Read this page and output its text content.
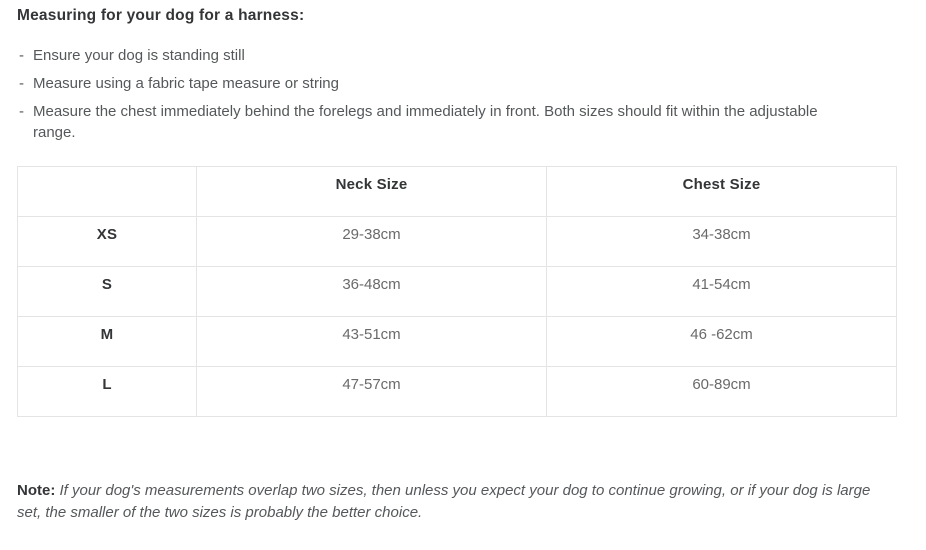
Measuring for your dog for a harness:
- Ensure your dog is standing still
- Measure using a fabric tape measure or string
- Measure the chest immediately behind the forelegs and immediately in front. Both sizes should fit within the adjustable range.
	Neck Size	Chest Size
XS	29-38cm	34-38cm
S	36-48cm	41-54cm
M	43-51cm	46 -62cm
L	47-57cm	60-89cm

Note: If your dog's measurements overlap two sizes, then unless you expect your dog to continue growing, or if your dog is large set, the smaller of the two sizes is probably the better choice.
